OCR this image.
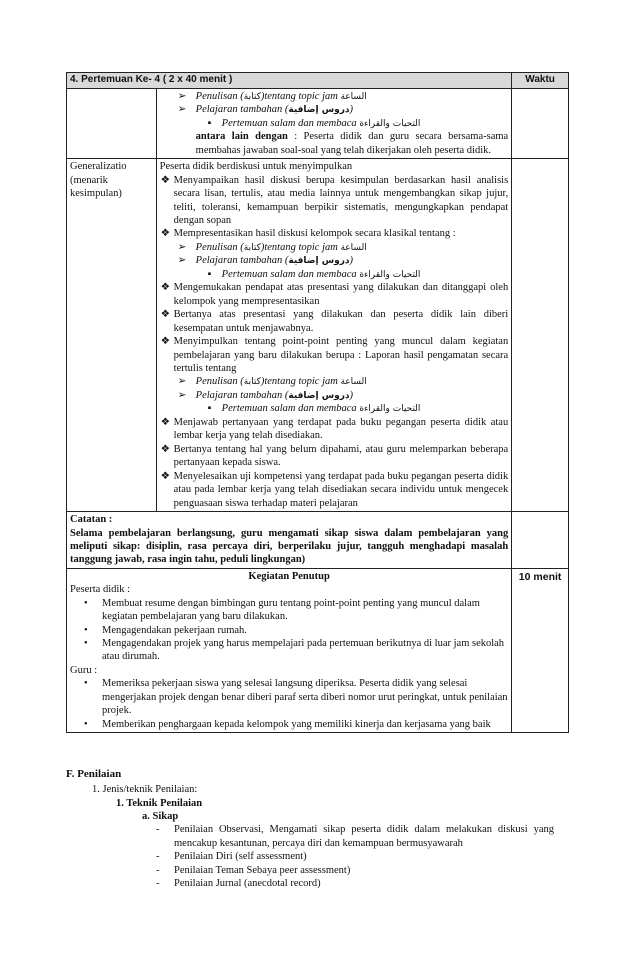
4. Pertemuan Ke- 4 ( 2 x 40 menit )	Waktu
➢ Penulisan (كتابة)tentang topic jam الساعة
➢ Pelajaran tambahan (دروس إضافية)
▪ Pertemuan salam dan membaca التحيات والقراءة
antara lain dengan : Peserta didik dan guru secara bersama-sama membahas jawaban soal-soal yang telah dikerjakan oleh peserta didik.
Generalizatio (menarik kesimpulan)
Peserta didik berdiskusi untuk menyimpulkan
❖ Menyampaikan hasil diskusi berupa kesimpulan berdasarkan hasil analisis secara lisan, tertulis, atau media lainnya untuk mengembangkan sikap jujur, teliti, toleransi, kemampuan berpikir sistematis, mengungkapkan pendapat dengan sopan
❖ Mempresentasikan hasil diskusi kelompok secara klasikal tentang :
➢ Penulisan (كتابة)tentang topic jam الساعة
➢ Pelajaran tambahan (دروس إضافية)
▪ Pertemuan salam dan membaca التحيات والقراءة
❖ Mengemukakan pendapat atas presentasi yang dilakukan dan ditanggapi oleh kelompok yang mempresentasikan
❖ Bertanya atas presentasi yang dilakukan dan peserta didik lain diberi kesempatan untuk menjawabnya.
❖ Menyimpulkan tentang point-point penting yang muncul dalam kegiatan pembelajaran yang baru dilakukan berupa : Laporan hasil pengamatan secara tertulis tentang
➢ Penulisan (كتابة)tentang topic jam الساعة
➢ Pelajaran tambahan (دروس إضافية)
▪ Pertemuan salam dan membaca التحيات والقراءة
❖ Menjawab pertanyaan yang terdapat pada buku pegangan peserta didik atau lembar kerja yang telah disediakan.
❖ Bertanya tentang hal yang belum dipahami, atau guru melemparkan beberapa pertanyaan kepada siswa.
❖ Menyelesaikan uji kompetensi yang terdapat pada buku pegangan peserta didik atau pada lembar kerja yang telah disediakan secara individu untuk mengecek penguasaan siswa terhadap materi pelajaran
Catatan :
Selama pembelajaran berlangsung, guru mengamati sikap siswa dalam pembelajaran yang meliputi sikap: disiplin, rasa percaya diri, berperilaku jujur, tangguh menghadapi masalah tanggung jawab, rasa ingin tahu, peduli lingkungan)
Kegiatan Penutup
Peserta didik :
• Membuat resume dengan bimbingan guru tentang point-point penting yang muncul dalam kegiatan pembelajaran yang baru dilakukan.
• Mengagendakan pekerjaan rumah.
• Mengagendakan projek yang harus mempelajari pada pertemuan berikutnya di luar jam sekolah atau dirumah.
Guru :
• Memeriksa pekerjaan siswa yang selesai langsung diperiksa. Peserta didik yang selesai mengerjakan projek dengan benar diberi paraf serta diberi nomor urut peringkat, untuk penilaian projek.
• Memberikan penghargaan kepada kelompok yang memiliki kinerja dan kerjasama yang baik
10 menit
F. Penilaian
1. Jenis/teknik Penilaian:
1. Teknik Penilaian
a. Sikap
- Penilaian Observasi, Mengamati sikap peserta didik dalam melakukan diskusi yang mencakup kesantunan, percaya diri dan kemampuan bermusyawarah
- Penilaian Diri (self assessment)
- Penilaian Teman Sebaya peer assessment)
- Penilaian Jurnal (anecdotal record)
